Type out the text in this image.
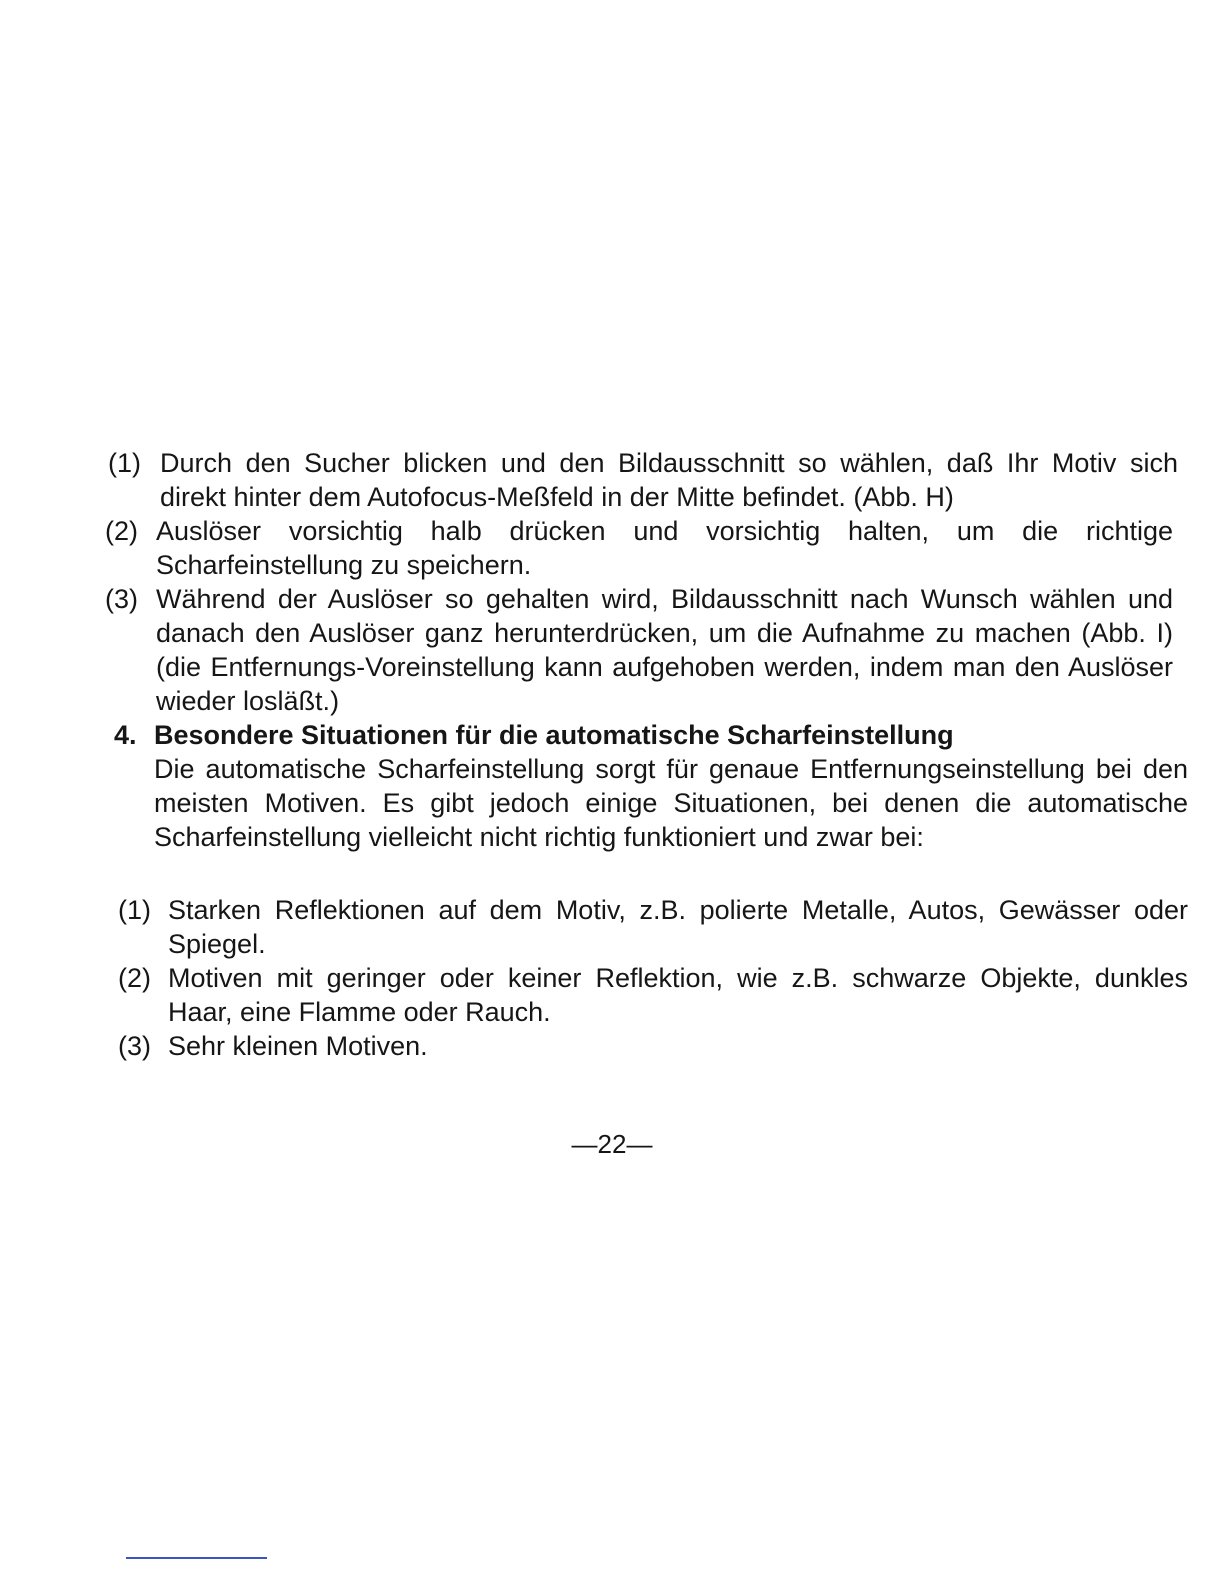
(1) Durch den Sucher blicken und den Bildausschnitt so wählen, daß Ihr Motiv sich direkt hinter dem Autofocus-Meßfeld in der Mitte befindet. (Abb. H)
(2) Auslöser vorsichtig halb drücken und vorsichtig halten, um die richtige Scharfeinstellung zu speichern.
(3) Während der Auslöser so gehalten wird, Bildausschnitt nach Wunsch wählen und danach den Auslöser ganz herunterdrücken, um die Aufnahme zu machen (Abb. I) (die Entfernungs-Voreinstellung kann aufgehoben werden, indem man den Auslöser wieder losläßt.)
4. Besondere Situationen für die automatische Scharfeinstellung
Die automatische Scharfeinstellung sorgt für genaue Entfernungseinstellung bei den meisten Motiven. Es gibt jedoch einige Situationen, bei denen die automatische Scharfeinstellung vielleicht nicht richtig funktioniert und zwar bei:
(1) Starken Reflektionen auf dem Motiv, z.B. polierte Metalle, Autos, Gewässer oder Spiegel.
(2) Motiven mit geringer oder keiner Reflektion, wie z.B. schwarze Objekte, dunkles Haar, eine Flamme oder Rauch.
(3) Sehr kleinen Motiven.
—22—
